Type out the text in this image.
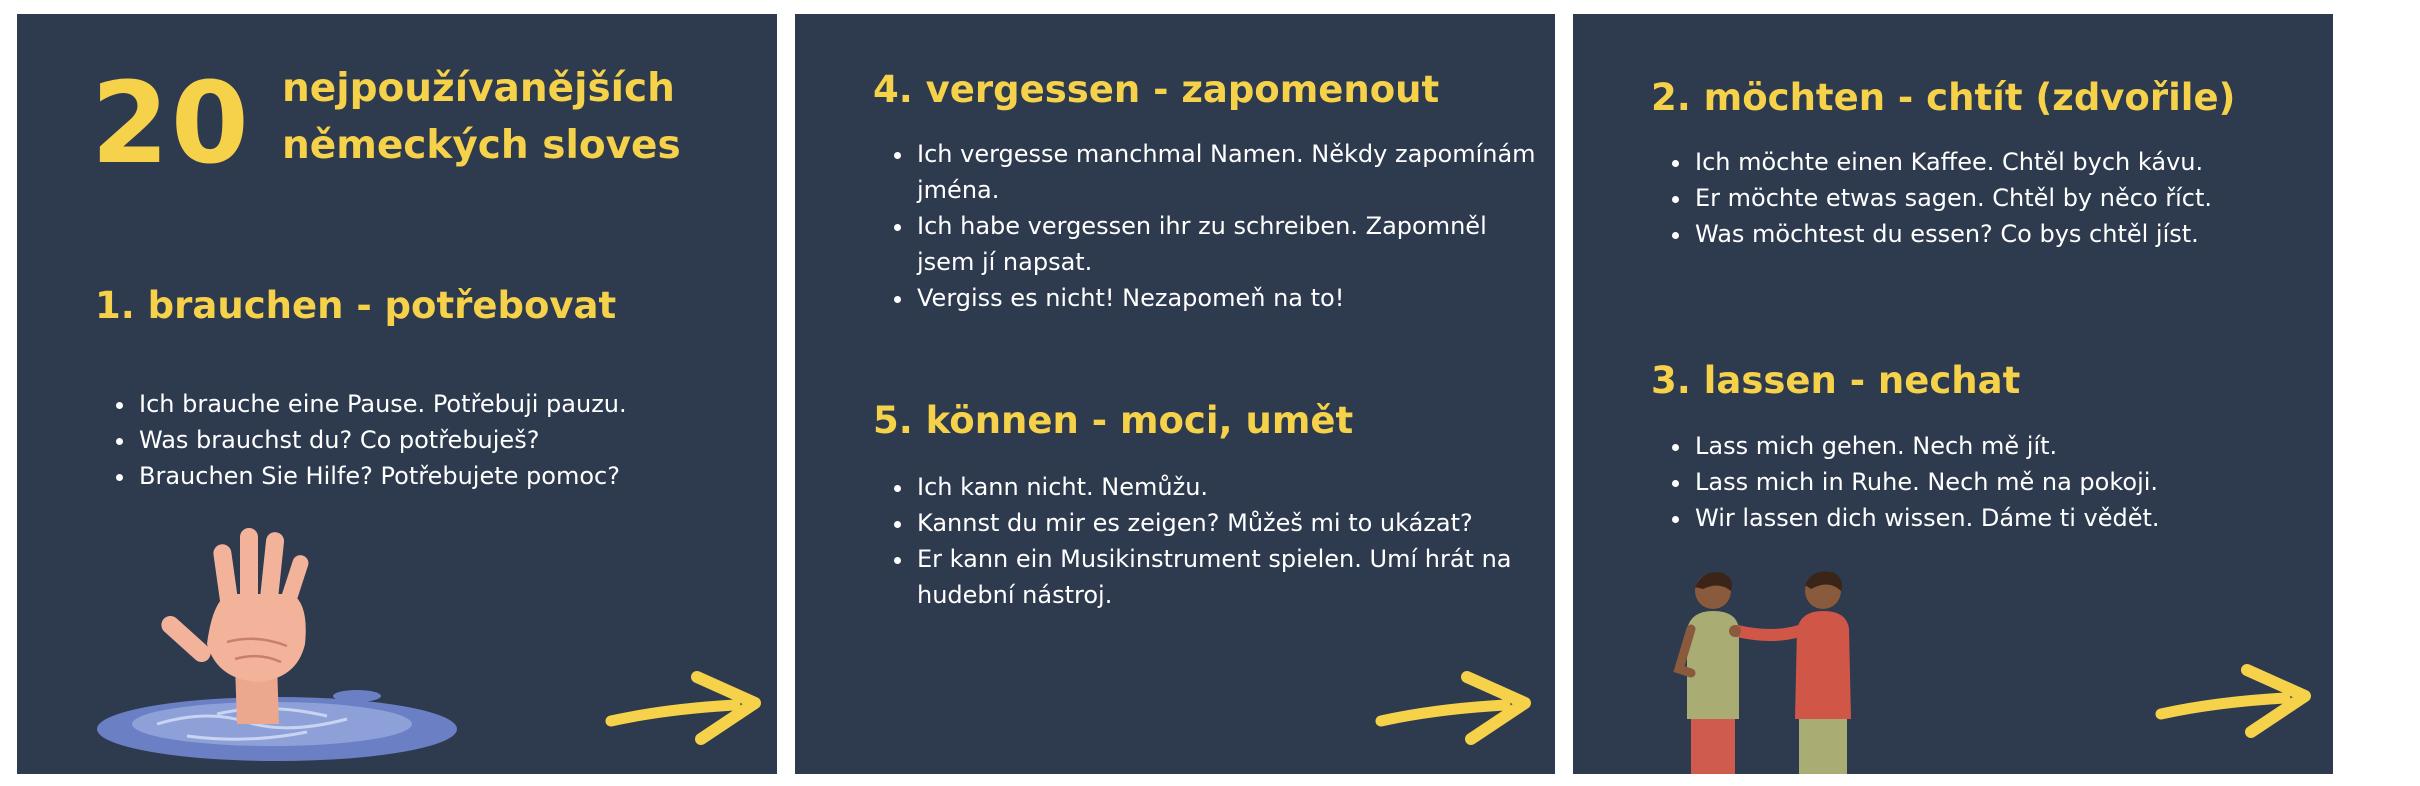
20 nejpoužívanějších
německých sloves
1. brauchen - potřebovat
• Ich brauche eine Pause. Potřebuji pauzu.
• Was brauchst du? Co potřebuješ?
• Brauchen Sie Hilfe? Potřebujete pomoc?
4. vergessen - zapomenout
• Ich vergesse manchmal Namen. Někdy zapomínám jména.
• Ich habe vergessen ihr zu schreiben. Zapomněl jsem jí napsat.
• Vergiss es nicht! Nezapomeň na to!
5. können - moci, umět
• Ich kann nicht. Nemůžu.
• Kannst du mir es zeigen? Můžeš mi to ukázat?
• Er kann ein Musikinstrument spielen. Umí hrát na hudební nástroj.
2. möchten - chtít (zdvořile)
• Ich möchte einen Kaffee. Chtěl bych kávu.
• Er möchte etwas sagen. Chtěl by něco říct.
• Was möchtest du essen? Co bys chtěl jíst.
3. lassen - nechat
• Lass mich gehen. Nech mě jít.
• Lass mich in Ruhe. Nech mě na pokoji.
• Wir lassen dich wissen. Dáme ti vědět.
